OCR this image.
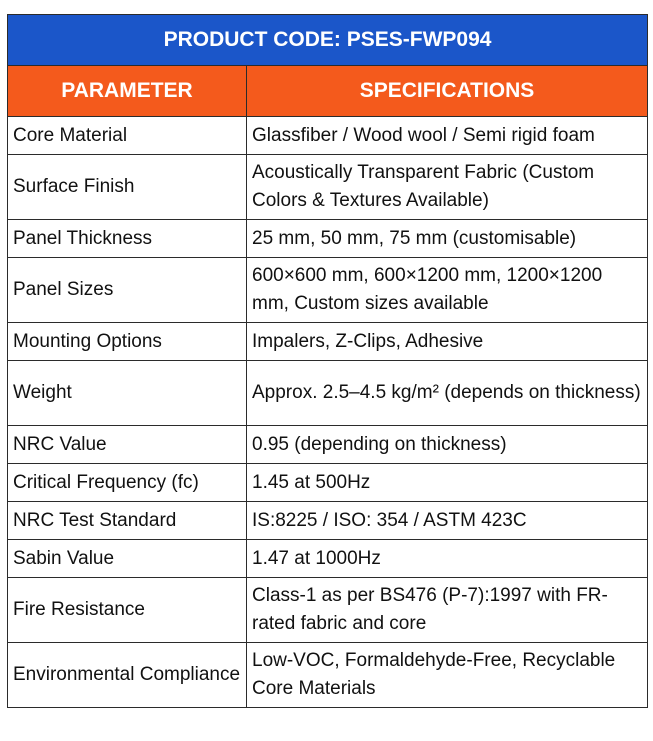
PRODUCT CODE: PSES-FWP094	
PARAMETER	SPECIFICATIONS
Core Material	Glassfiber / Wood wool / Semi rigid foam
Surface Finish	Acoustically Transparent Fabric (Custom Colors & Textures Available)
Panel Thickness	25 mm, 50 mm, 75 mm (customisable)
Panel Sizes	600×600 mm, 600×1200 mm, 1200×1200 mm, Custom sizes available
Mounting Options	Impalers, Z-Clips, Adhesive
Weight	Approx. 2.5–4.5 kg/m² (depends on thickness)
NRC Value	0.95 (depending on thickness)
Critical Frequency (fc)	1.45 at 500Hz
NRC Test Standard	IS:8225 / ISO: 354 / ASTM 423C
Sabin Value	1.47 at 1000Hz
Fire Resistance	Class-1 as per BS476 (P-7):1997 with FR-rated fabric and core
Environmental Compliance	Low-VOC, Formaldehyde-Free, Recyclable Core Materials
